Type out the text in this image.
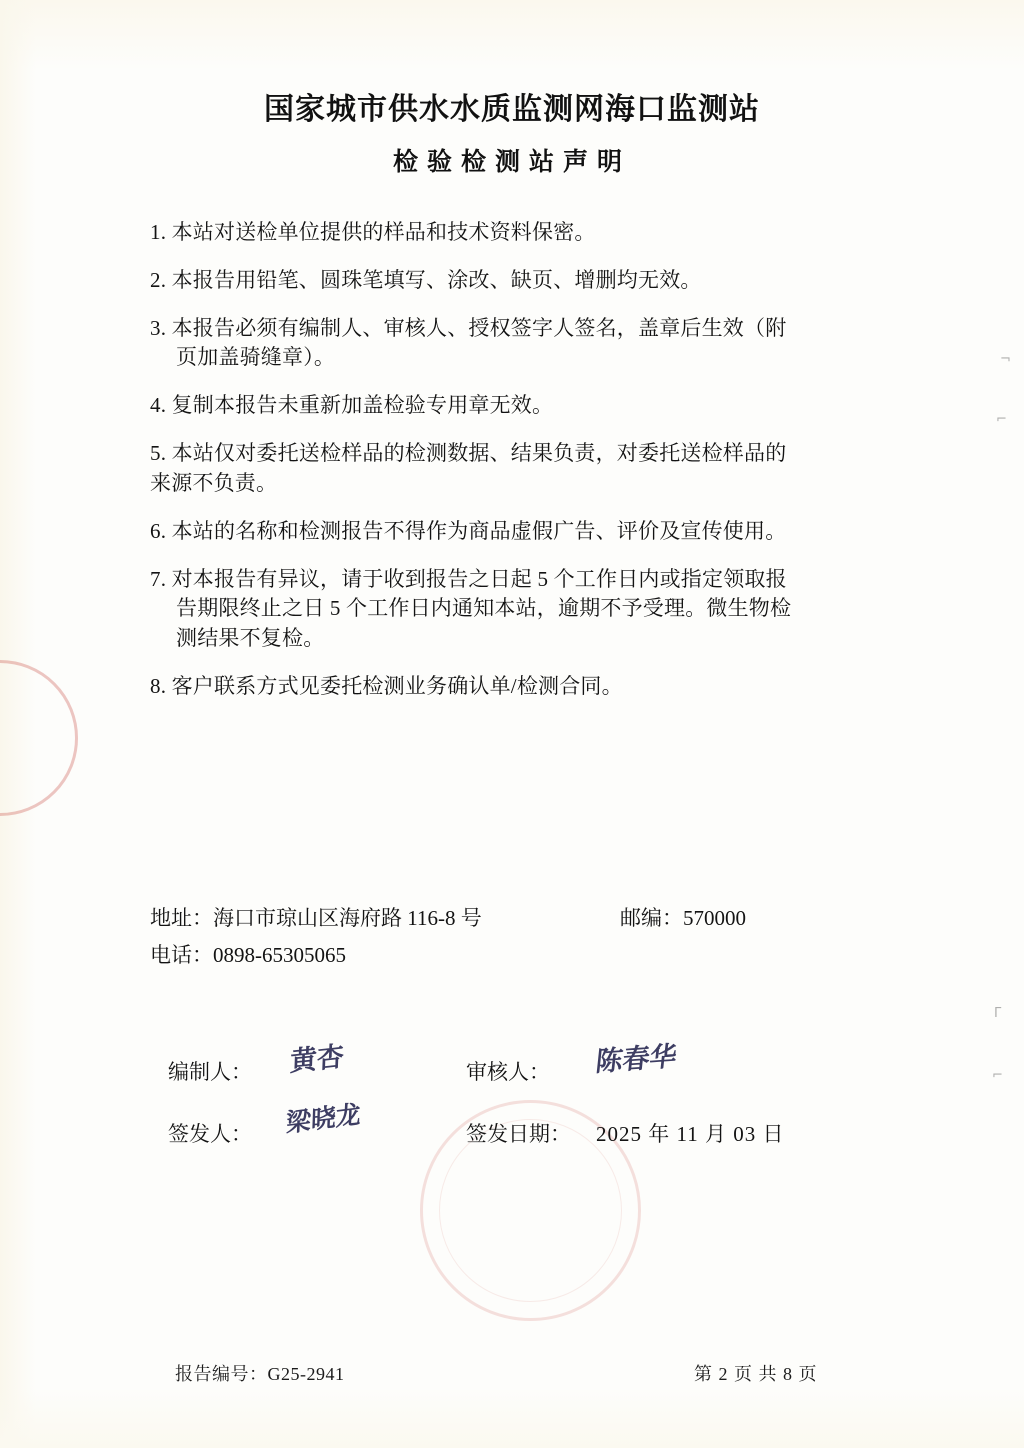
¬
⌐
Γ
⌐
国家城市供水水质监测网海口监测站
检验检测站声明
1. 本站对送检单位提供的样品和技术资料保密。
2. 本报告用铅笔、圆珠笔填写、涂改、缺页、增删均无效。
3. 本报告必须有编制人、审核人、授权签字人签名，盖章后生效（附
页加盖骑缝章）。
4. 复制本报告未重新加盖检验专用章无效。
5. 本站仅对委托送检样品的检测数据、结果负责，对委托送检样品的
来源不负责。
6. 本站的名称和检测报告不得作为商品虚假广告、评价及宣传使用。
7. 对本报告有异议，请于收到报告之日起 5 个工作日内或指定领取报
告期限终止之日 5 个工作日内通知本站，逾期不予受理。微生物检
测结果不复检。
8. 客户联系方式见委托检测业务确认单/检测合同。
地址：海口市琼山区海府路 116-8 号	邮编：570000
电话：0898-65305065
编制人：	黄杏	审核人：	陈春华
签发人：	梁晓龙	签发日期：	2025 年 11 月 03 日
报告编号：G25-2941	第 2 页 共 8 页
